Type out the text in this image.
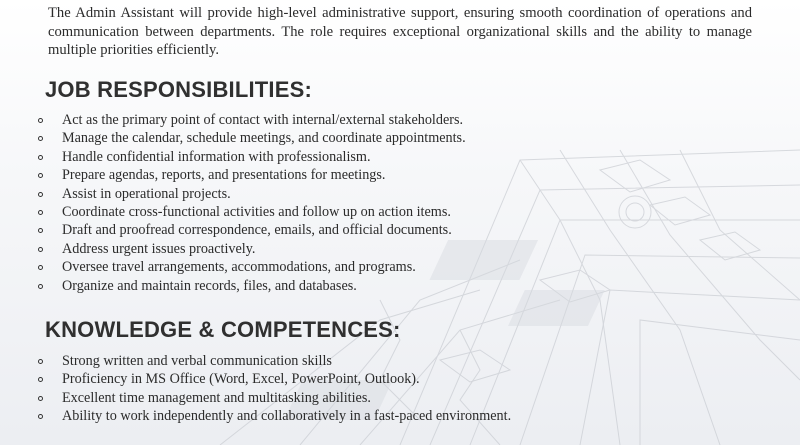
The Admin Assistant will provide high-level administrative support, ensuring smooth coordination of operations and communication between departments. The role requires exceptional organizational skills and the ability to manage multiple priorities efficiently.

JOB RESPONSIBILITIES:
Act as the primary point of contact with internal/external stakeholders.
Manage the calendar, schedule meetings, and coordinate appointments.
Handle confidential information with professionalism.
Prepare agendas, reports, and presentations for meetings.
Assist in operational projects.
Coordinate cross-functional activities and follow up on action items.
Draft and proofread correspondence, emails, and official documents.
Address urgent issues proactively.
Oversee travel arrangements, accommodations, and programs.
Organize and maintain records, files, and databases.
KNOWLEDGE & COMPETENCES:
Strong written and verbal communication skills
Proficiency in MS Office (Word, Excel, PowerPoint, Outlook).
Excellent time management and multitasking abilities.
Ability to work independently and collaboratively in a fast-paced environment.
